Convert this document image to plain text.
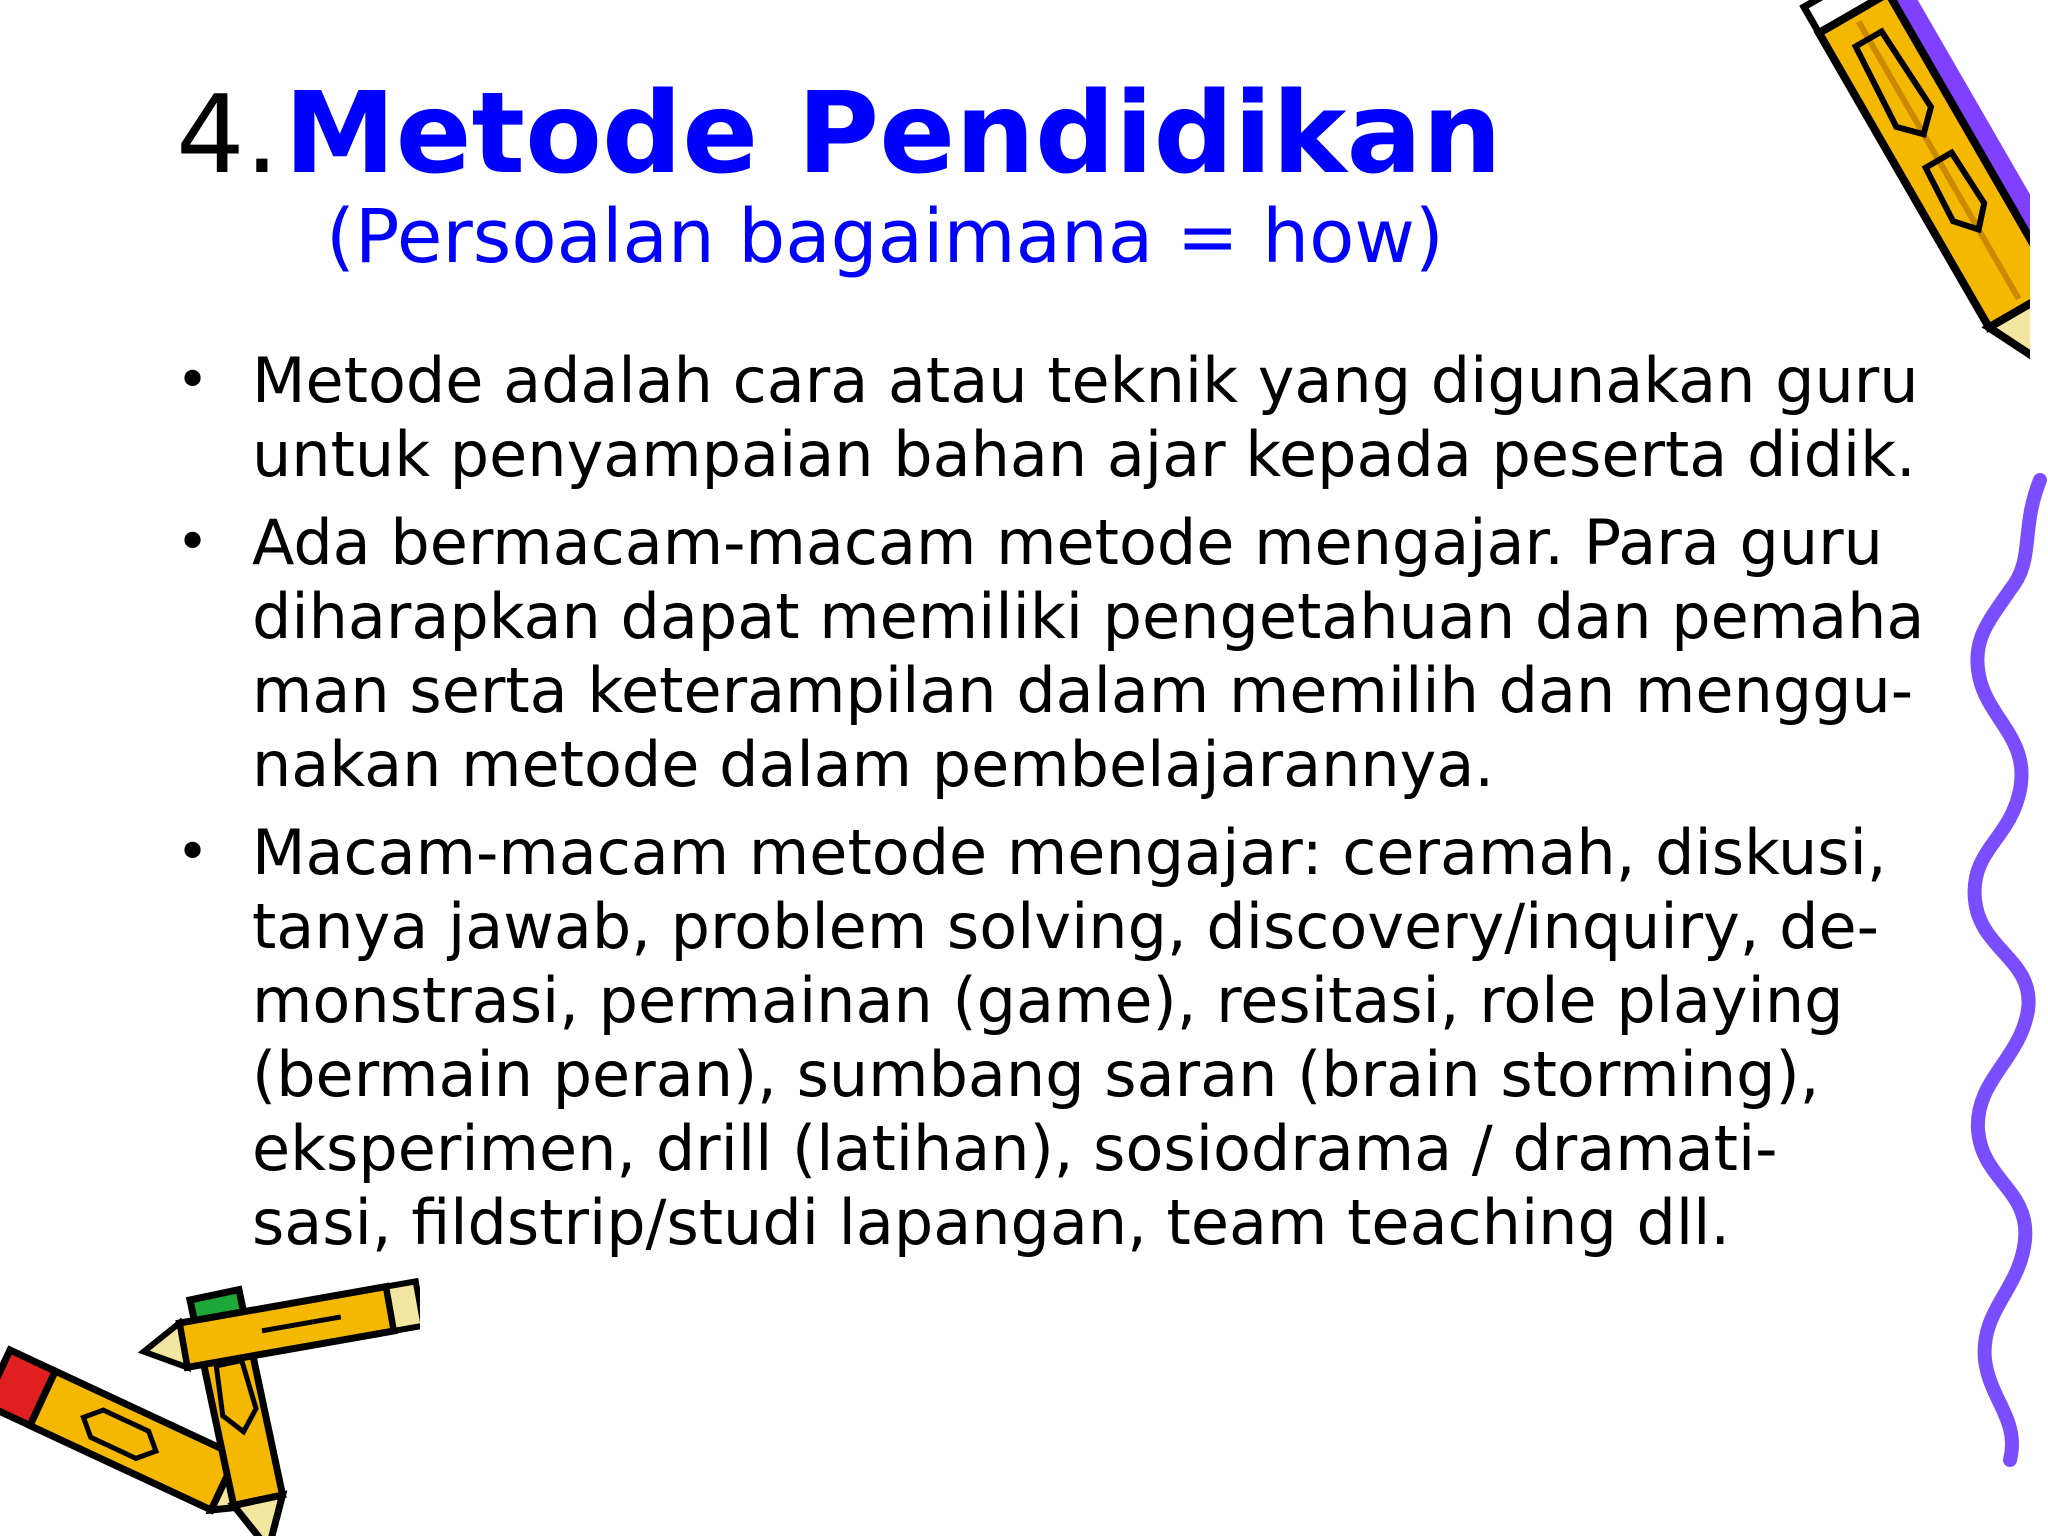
4. Metode Pendidikan
(Persoalan bagaimana = how)
• Metode adalah cara atau teknik yang digunakan guru
untuk penyampaian bahan ajar kepada peserta didik.
• Ada bermacam-macam metode mengajar. Para guru
diharapkan dapat memiliki pengetahuan dan pemaha
man serta keterampilan dalam memilih dan menggu-
nakan metode dalam pembelajarannya.
• Macam-macam metode mengajar: ceramah, diskusi,
tanya jawab, problem solving, discovery/inquiry, de-
monstrasi, permainan (game), resitasi, role playing
(bermain peran), sumbang saran (brain storming),
eksperimen, drill (latihan), sosiodrama / dramati-
sasi, fildstrip/studi lapangan, team teaching dll.
